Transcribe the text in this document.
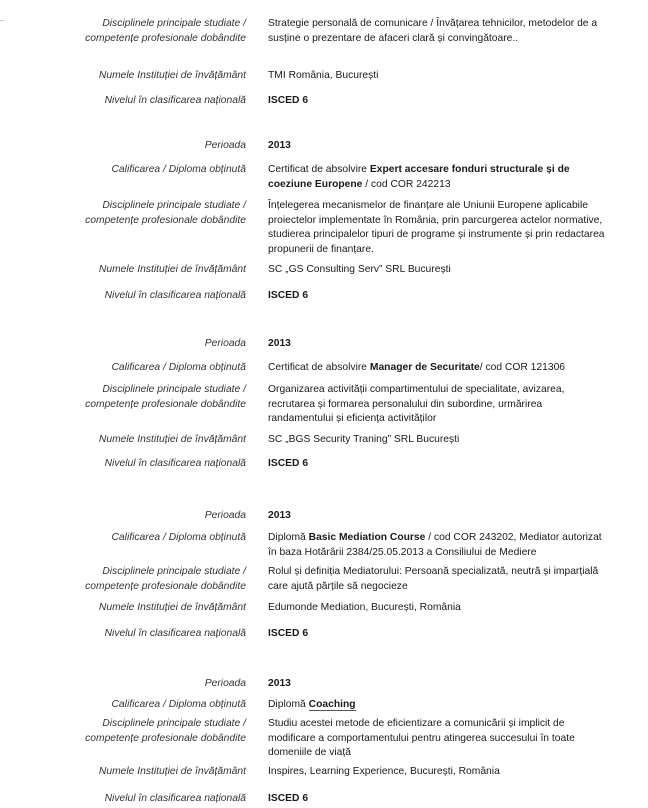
Disciplinele principale studiate /
competențe profesionale dobândite
Strategie personală de comunicare / Învățarea tehnicilor, metodelor de a susține o prezentare de afaceri clară și convingătoare..
Numele Instituției de învățământ TMI România, București
Nivelul în clasificarea națională ISCED 6
Perioada 2013
Calificarea / Diploma obținută Certificat de absolvire Expert accesare fonduri structurale și de coeziune Europene / cod COR 242213
Disciplinele principale studiate /
competențe profesionale dobândite
Înțelegerea mecanismelor de finanțare ale Uniunii Europene aplicabile proiectelor implementate în România, prin parcurgerea actelor normative, studierea principalelor tipuri de programe și instrumente și prin redactarea propunerii de finanțare.
Numele Instituției de învățământ SC „GS Consulting Serv” SRL București
Nivelul în clasificarea națională ISCED 6
Perioada 2013
Calificarea / Diploma obținută Certificat de absolvire Manager de Securitate/ cod COR 121306
Disciplinele principale studiate /
competențe profesionale dobândite
Organizarea activității compartimentului de specialitate, avizarea, recrutarea și formarea personalului din subordine, urmărirea randamentului și eficiența activităților
Numele Instituției de învățământ SC „BGS Security Traning” SRL București
Nivelul în clasificarea națională ISCED 6
Perioada 2013
Calificarea / Diploma obținută Diplomă Basic Mediation Course / cod COR 243202, Mediator autorizat în baza Hotărârii 2384/25.05.2013 a Consiliului de Mediere
Disciplinele principale studiate /
competențe profesionale dobândite
Rolul și definiția Mediatorului: Persoană specializată, neutră și imparțială care ajută părțile să negocieze
Numele Instituției de învățământ Edumonde Mediation, București, România
Nivelul în clasificarea națională ISCED 6
Perioada 2013
Calificarea / Diploma obținută Diplomă Coaching
Disciplinele principale studiate /
competențe profesionale dobândite
Studiu acestei metode de eficientizare a comunicării și implicit de modificare a comportamentului pentru atingerea succesului în toate domeniile de viață
Numele Instituției de învățământ Inspires, Learning Experience, București, România
Nivelul în clasificarea națională ISCED 6
